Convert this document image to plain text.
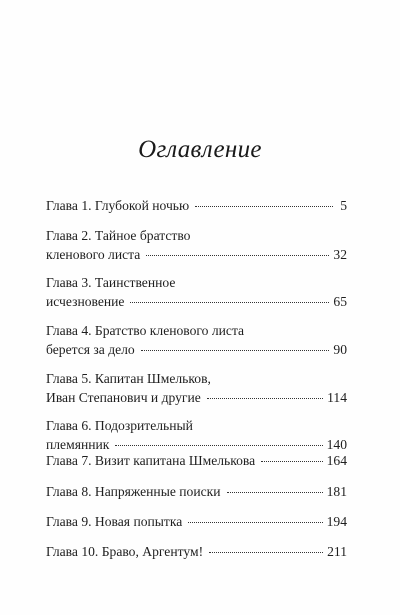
Оглавление
Глава 1. Глубокой ночью	5
Глава 2. Тайное братство
кленового листа	32
Глава 3. Таинственное
исчезновение	65
Глава 4. Братство кленового листа
берется за дело	90
Глава 5. Капитан Шмельков,
Иван Степанович и другие	114
Глава 6. Подозрительный
племянник	140
Глава 7. Визит капитана Шмелькова	164
Глава 8. Напряженные поиски	181
Глава 9. Новая попытка	194
Глава 10. Браво, Аргентум!	211
